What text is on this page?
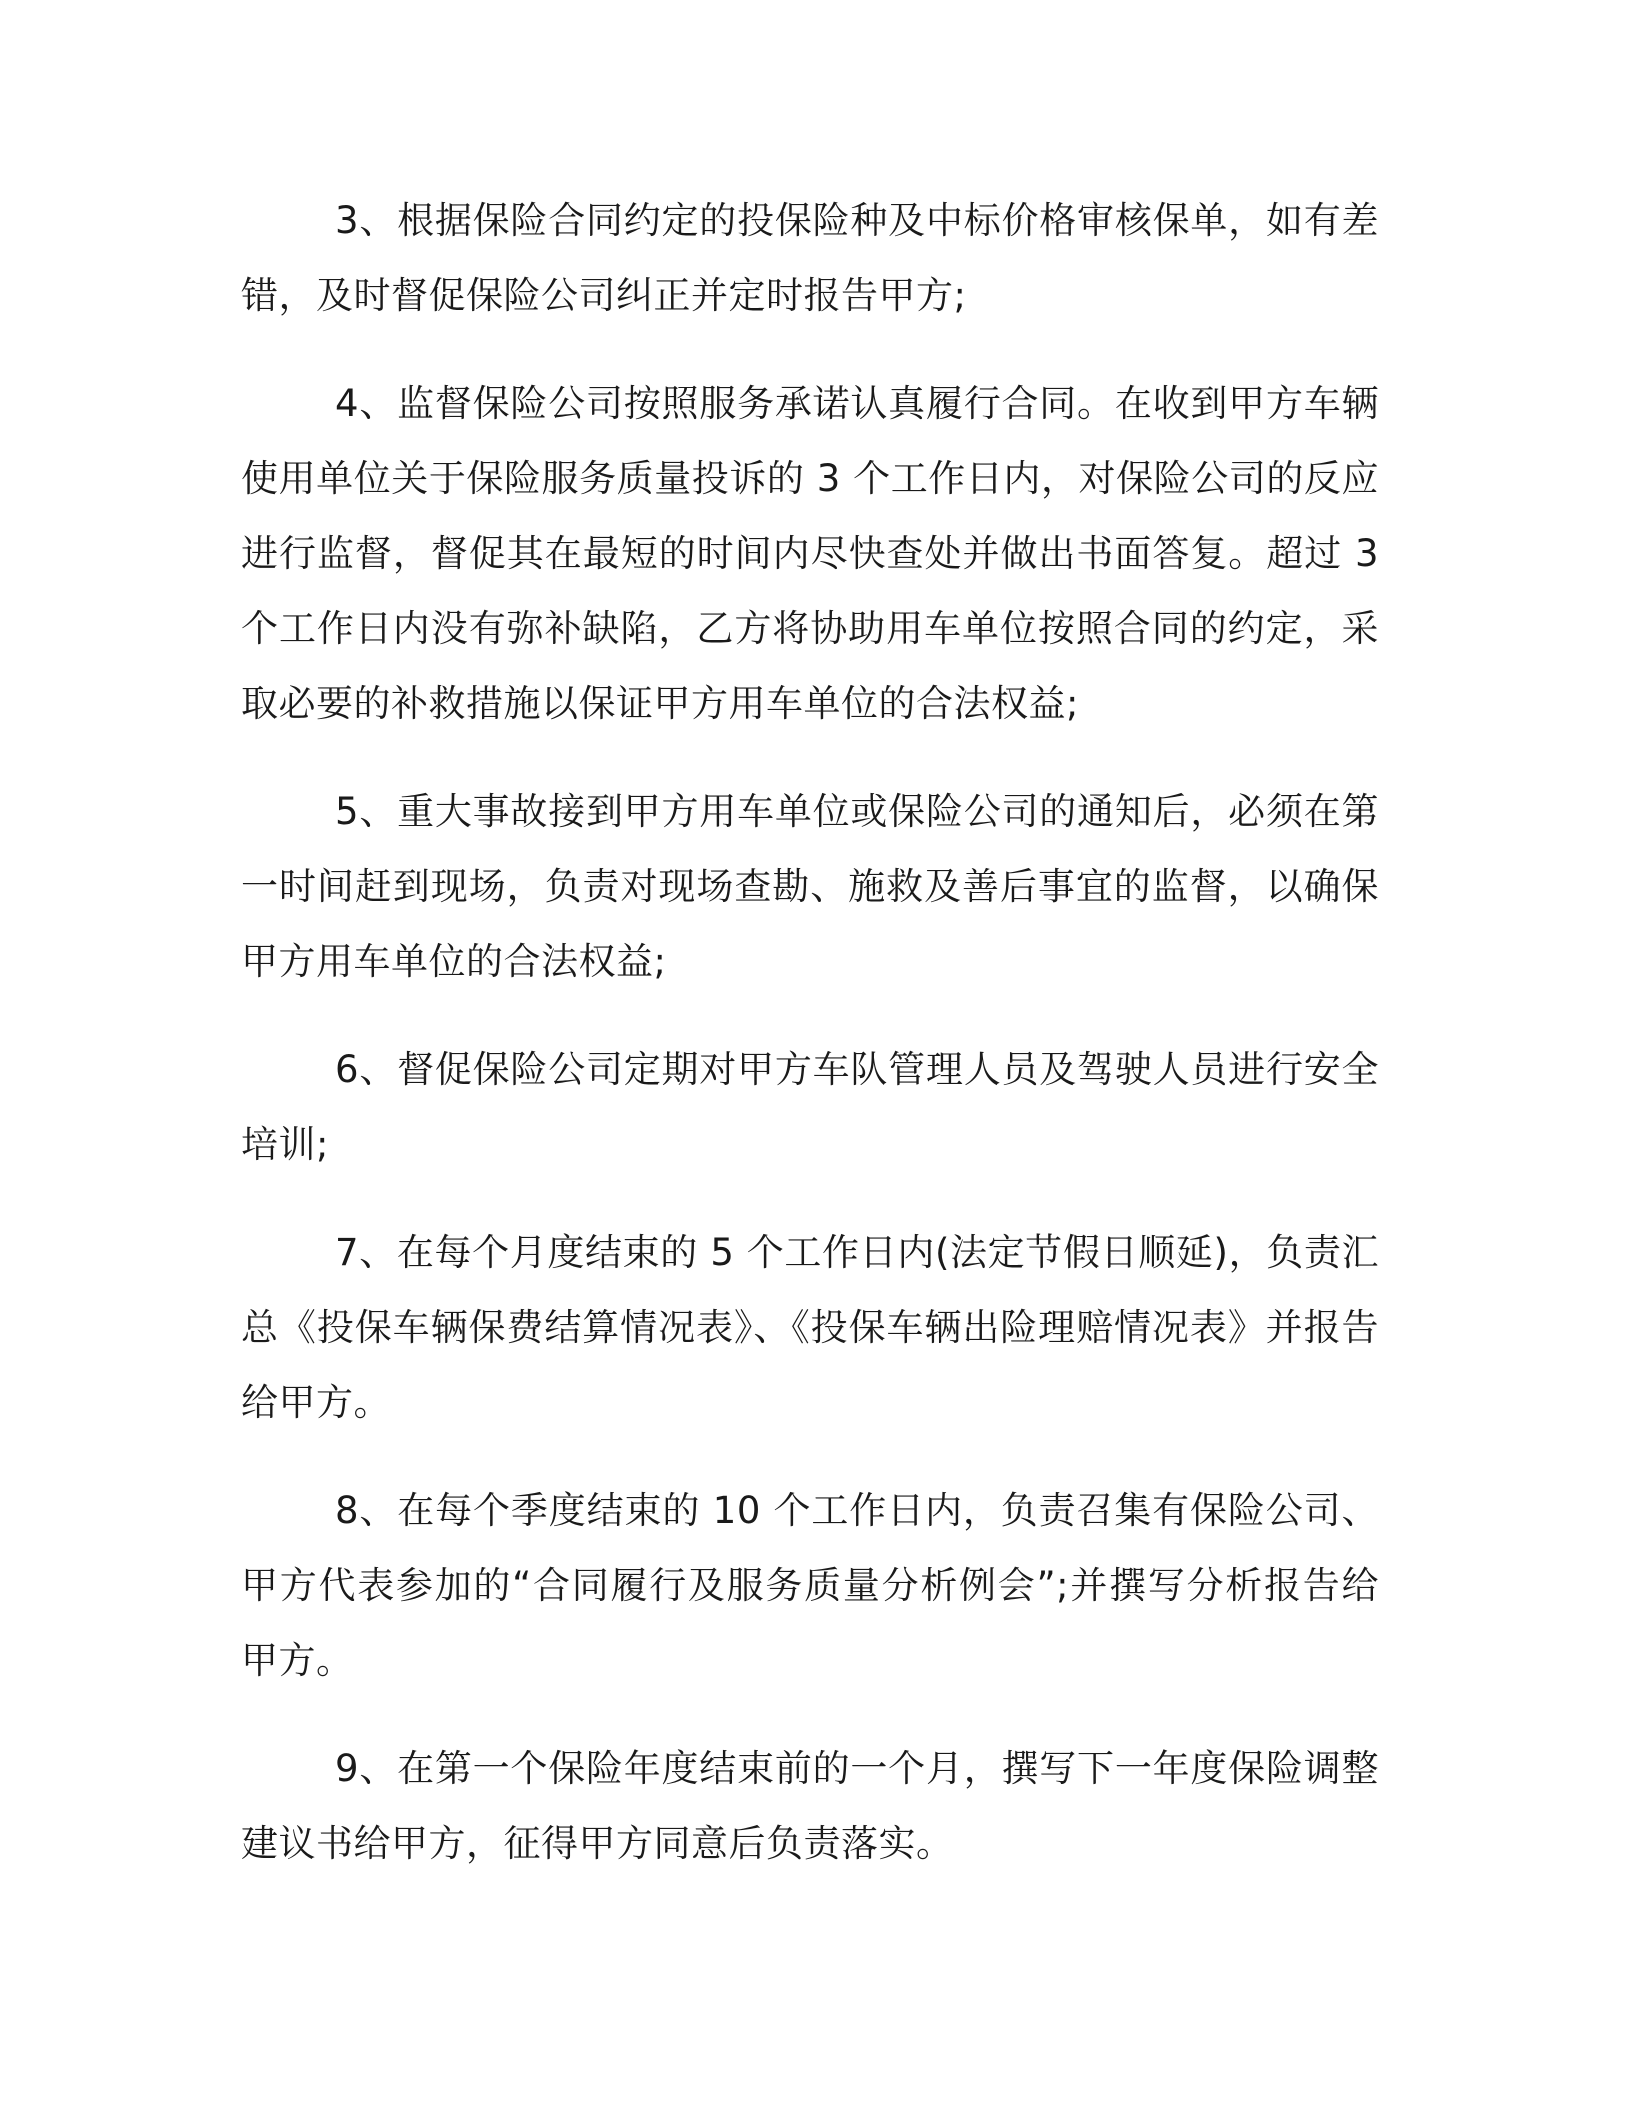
3、根据保险合同约定的投保险种及中标价格审核保单，如有差错，及时督促保险公司纠正并定时报告甲方;

4、监督保险公司按照服务承诺认真履行合同。在收到甲方车辆使用单位关于保险服务质量投诉的 3 个工作日内，对保险公司的反应进行监督，督促其在最短的时间内尽快查处并做出书面答复。超过 3 个工作日内没有弥补缺陷，乙方将协助用车单位按照合同的约定，采取必要的补救措施以保证甲方用车单位的合法权益;

5、重大事故接到甲方用车单位或保险公司的通知后，必须在第一时间赶到现场，负责对现场查勘、施救及善后事宜的监督，以确保甲方用车单位的合法权益;

6、督促保险公司定期对甲方车队管理人员及驾驶人员进行安全培训;

7、在每个月度结束的 5 个工作日内(法定节假日顺延)，负责汇总《投保车辆保费结算情况表》、《投保车辆出险理赔情况表》并报告给甲方。

8、在每个季度结束的 10 个工作日内，负责召集有保险公司、甲方代表参加的“合同履行及服务质量分析例会”;并撰写分析报告给甲方。

9、在第一个保险年度结束前的一个月，撰写下一年度保险调整建议书给甲方，征得甲方同意后负责落实。
